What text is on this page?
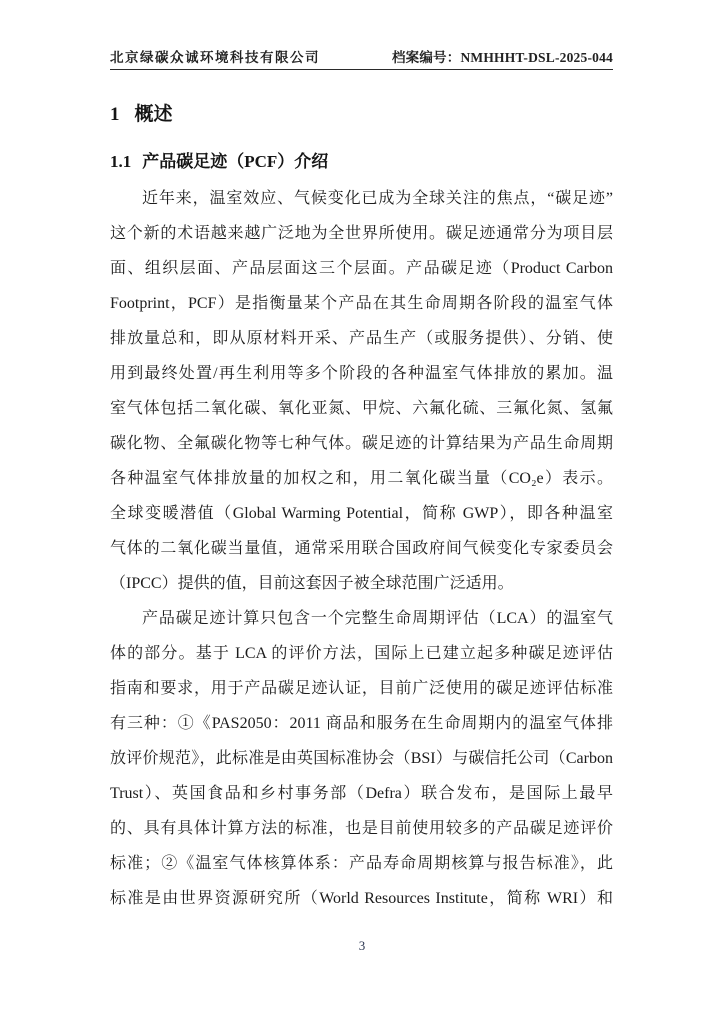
北京绿碳众诚环境科技有限公司	档案编号：NMHHHT-DSL-2025-044
1 概述
1.1 产品碳足迹（PCF）介绍
近年来，温室效应、气候变化已成为全球关注的焦点，“碳足迹”
这个新的术语越来越广泛地为全世界所使用。碳足迹通常分为项目层
面、组织层面、产品层面这三个层面。产品碳足迹（Product Carbon
Footprint，PCF）是指衡量某个产品在其生命周期各阶段的温室气体
排放量总和，即从原材料开采、产品生产（或服务提供）、分销、使
用到最终处置/再生利用等多个阶段的各种温室气体排放的累加。温
室气体包括二氧化碳、氧化亚氮、甲烷、六氟化硫、三氟化氮、氢氟
碳化物、全氟碳化物等七种气体。碳足迹的计算结果为产品生命周期
各种温室气体排放量的加权之和，用二氧化碳当量（CO₂e）表示。
全球变暖潜值（Global Warming Potential，简称 GWP），即各种温室
气体的二氧化碳当量值，通常采用联合国政府间气候变化专家委员会
（IPCC）提供的值，目前这套因子被全球范围广泛适用。
产品碳足迹计算只包含一个完整生命周期评估（LCA）的温室气
体的部分。基于 LCA 的评价方法，国际上已建立起多种碳足迹评估
指南和要求，用于产品碳足迹认证，目前广泛使用的碳足迹评估标准
有三种：①《PAS2050：2011 商品和服务在生命周期内的温室气体排
放评价规范》，此标准是由英国标准协会（BSI）与碳信托公司（Carbon
Trust）、英国食品和乡村事务部（Defra）联合发布，是国际上最早
的、具有具体计算方法的标准，也是目前使用较多的产品碳足迹评价
标准；②《温室气体核算体系：产品寿命周期核算与报告标准》，此
标准是由世界资源研究所（World Resources Institute，简称 WRI）和
3
